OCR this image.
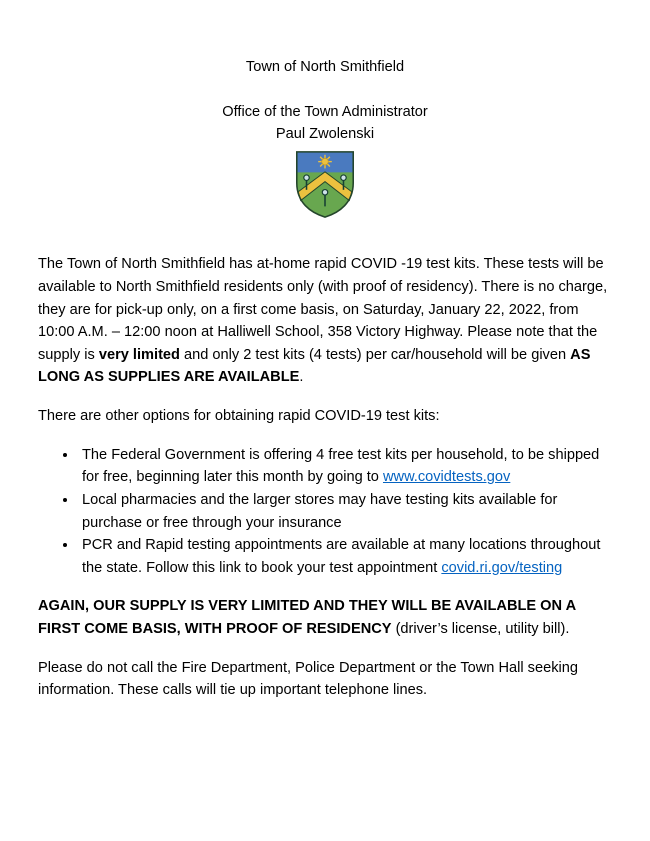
Town of North Smithfield

Office of the Town Administrator

Paul Zwolenski

The Town of North Smithfield has at-home rapid COVID -19 test kits. These tests will be available to North Smithfield residents only (with proof of residency). There is no charge, they are for pick-up only, on a first come basis, on Saturday, January 22, 2022, from 10:00 A.M. – 12:00 noon at Halliwell School, 358 Victory Highway. Please note that the supply is very limited and only 2 test kits (4 tests) per car/household will be given AS LONG AS SUPPLIES ARE AVAILABLE.

There are other options for obtaining rapid COVID-19 test kits:

• The Federal Government is offering 4 free test kits per household, to be shipped for free, beginning later this month by going to www.covidtests.gov
• Local pharmacies and the larger stores may have testing kits available for purchase or free through your insurance
• PCR and Rapid testing appointments are available at many locations throughout the state. Follow this link to book your test appointment covid.ri.gov/testing

AGAIN, OUR SUPPLY IS VERY LIMITED AND THEY WILL BE AVAILABLE ON A FIRST COME BASIS, WITH PROOF OF RESIDENCY (driver’s license, utility bill).

Please do not call the Fire Department, Police Department or the Town Hall seeking information. These calls will tie up important telephone lines.
